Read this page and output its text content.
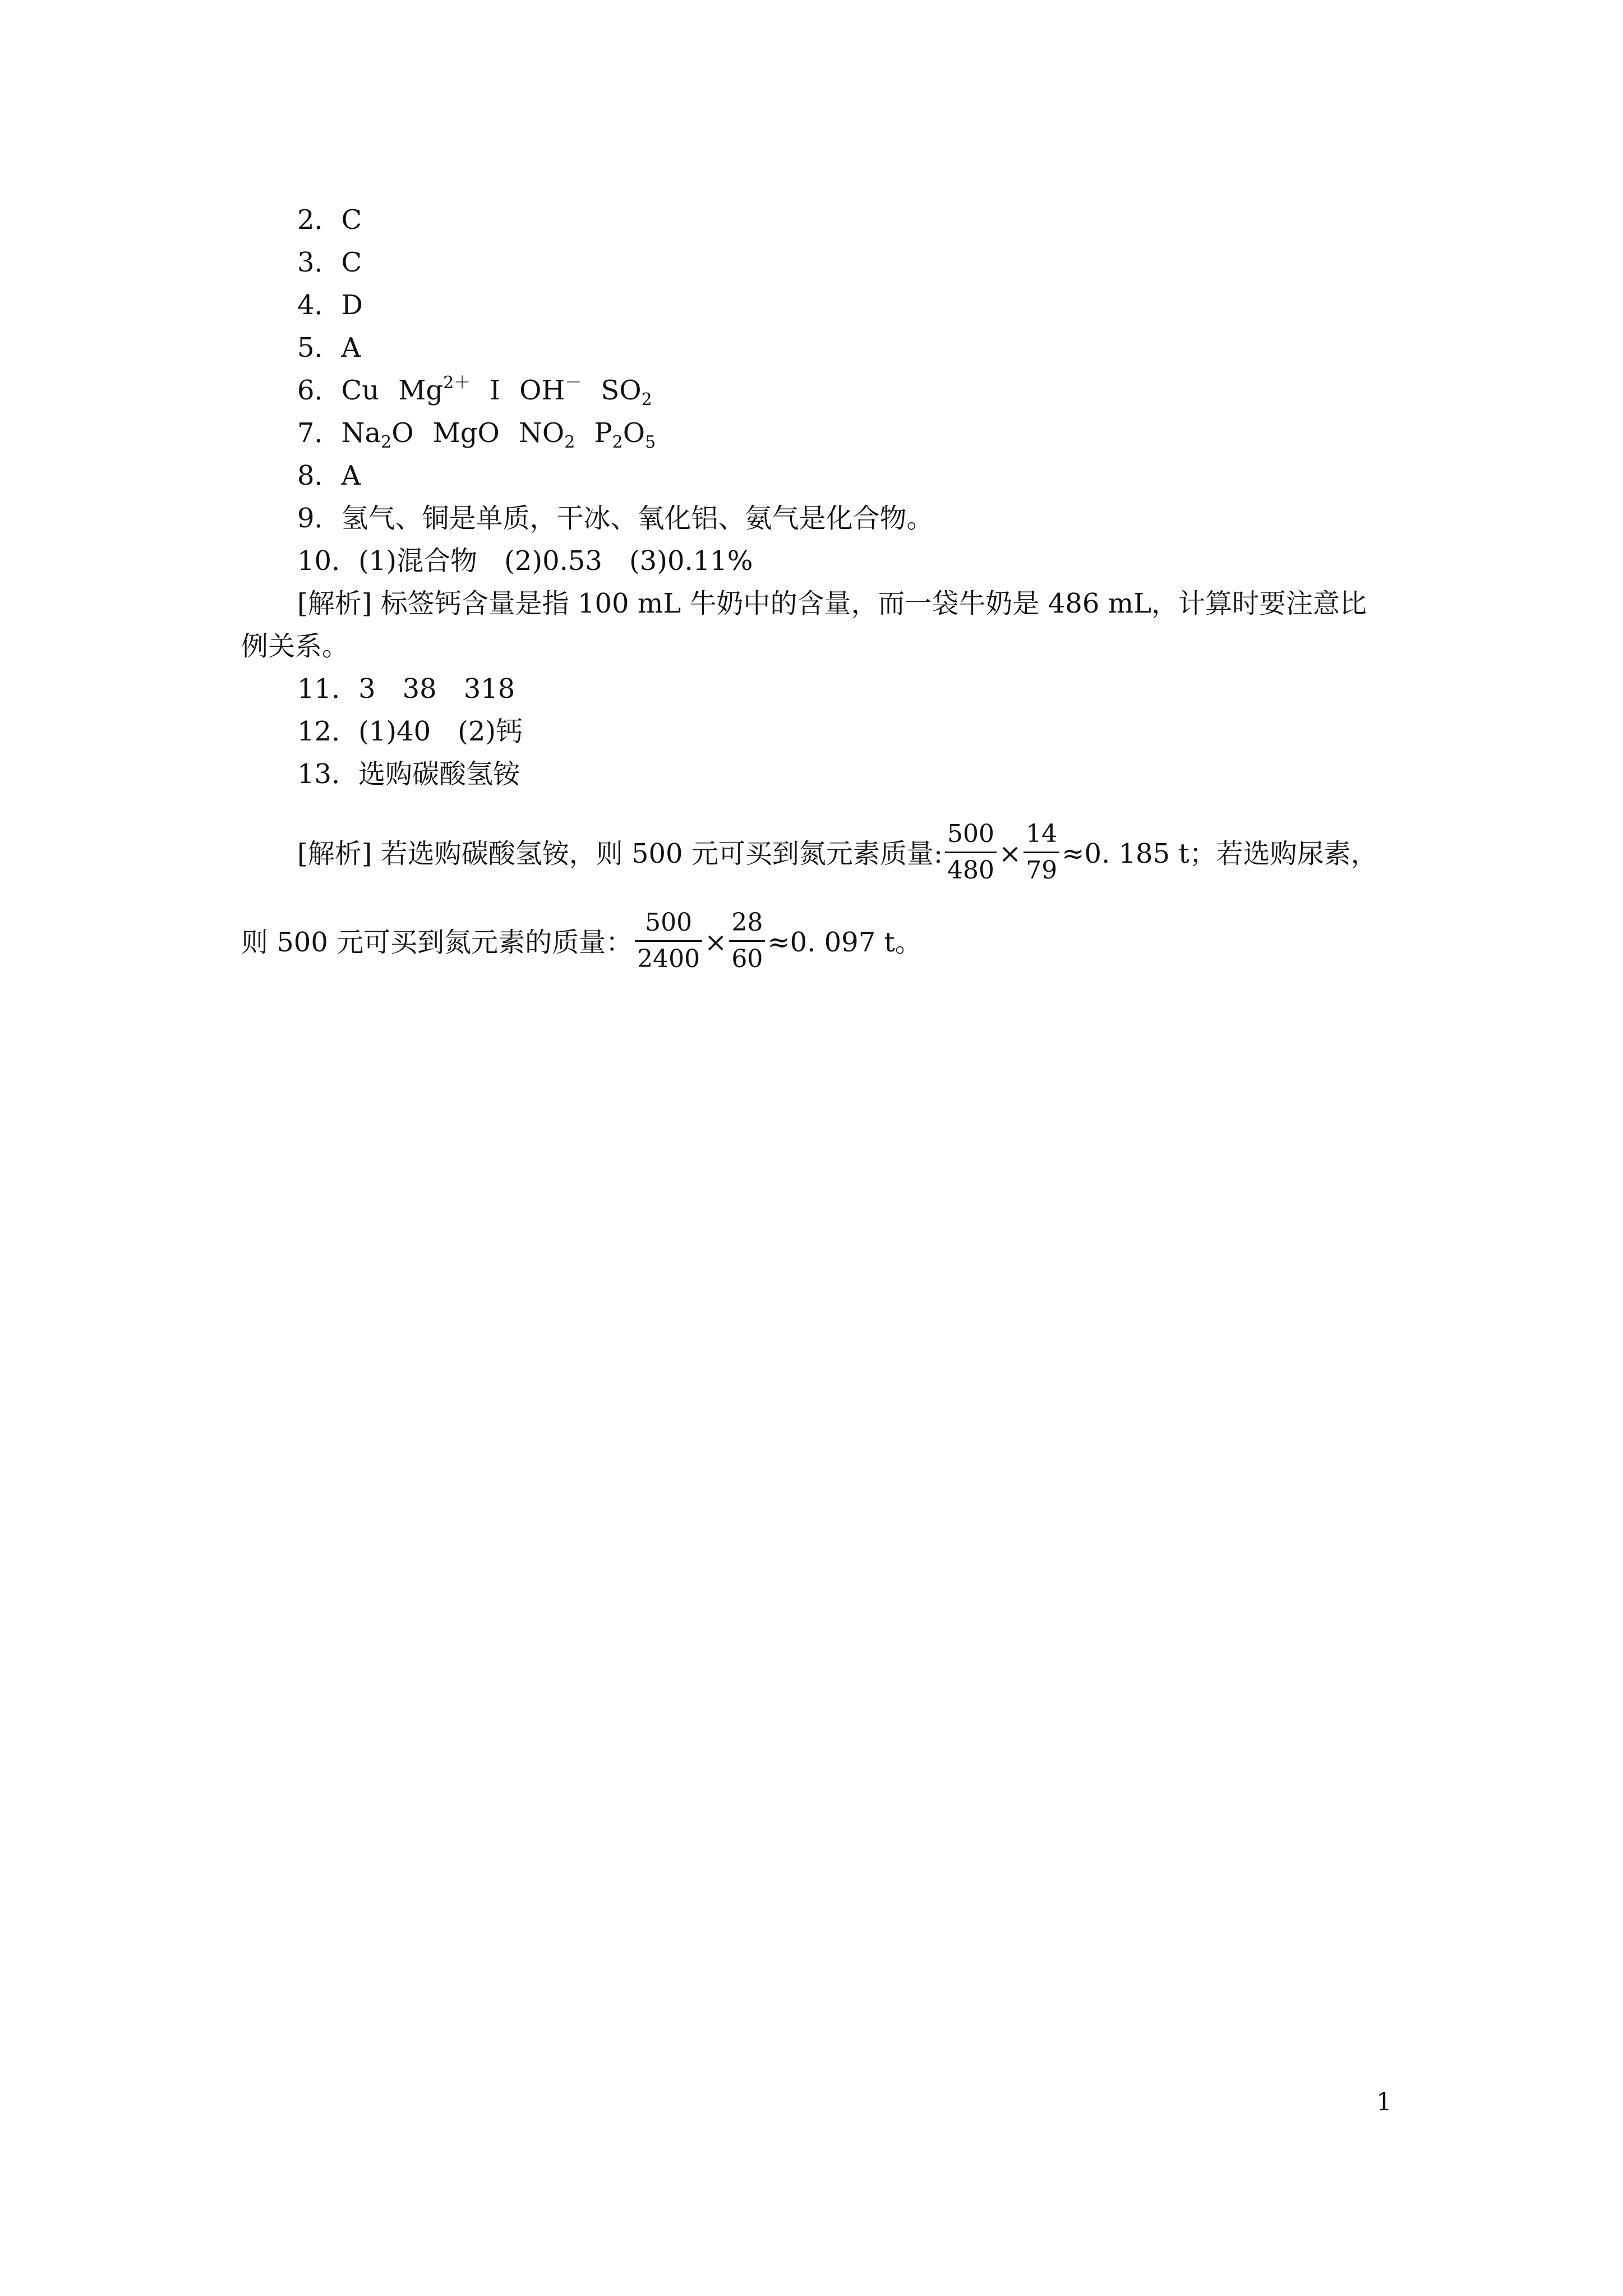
2．C
3．C
4．D
5．A
6．Cu $Mg^{2+}$ I OH－ $SO_2$
7．$Na_2O$ MgO $NO_2$ $P_2O_5$
8．A
9．氢气、铜是单质，干冰、氧化铝、氨气是化合物。
10．(1)混合物　(2)0.53　(3)0.11%
[解析] 标签钙含量是指 100 mL 牛奶中的含量，而一袋牛奶是 486 mL，计算时要注意比
例关系。
11．3　38　318
12．(1)40　(2)钙
13．选购碳酸氢铵
[解析] 若选购碳酸氢铵，则 500 元可买到氮元素质量: $\frac{500}{480} \times \frac{14}{79} \approx 0$. 185 t；若选购尿素，
则 500 元可买到氮元素的质量： $\frac{500}{2400} \times \frac{28}{60} \approx 0$. 097 t。
1
